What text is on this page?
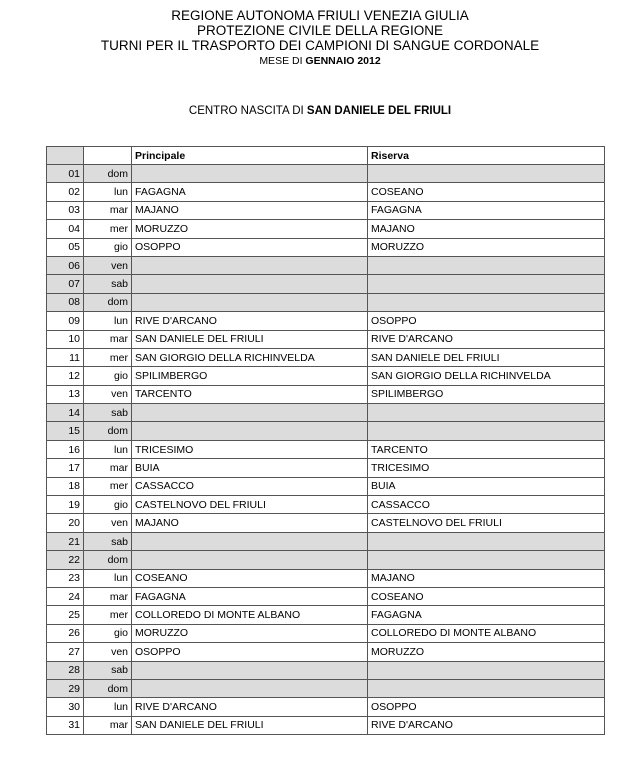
REGIONE AUTONOMA FRIULI VENEZIA GIULIA
PROTEZIONE CIVILE DELLA REGIONE
TURNI PER IL TRASPORTO DEI CAMPIONI DI SANGUE CORDONALE
MESE DI GENNAIO 2012
CENTRO NASCITA DI SAN DANIELE DEL FRIULI
		Principale	Riserva
01	dom		
02	lun	FAGAGNA	COSEANO
03	mar	MAJANO	FAGAGNA
04	mer	MORUZZO	MAJANO
05	gio	OSOPPO	MORUZZO
06	ven		
07	sab		
08	dom		
09	lun	RIVE D'ARCANO	OSOPPO
10	mar	SAN DANIELE DEL FRIULI	RIVE D'ARCANO
11	mer	SAN GIORGIO DELLA RICHINVELDA	SAN DANIELE DEL FRIULI
12	gio	SPILIMBERGO	SAN GIORGIO DELLA RICHINVELDA
13	ven	TARCENTO	SPILIMBERGO
14	sab		
15	dom		
16	lun	TRICESIMO	TARCENTO
17	mar	BUIA	TRICESIMO
18	mer	CASSACCO	BUIA
19	gio	CASTELNOVO DEL FRIULI	CASSACCO
20	ven	MAJANO	CASTELNOVO DEL FRIULI
21	sab		
22	dom		
23	lun	COSEANO	MAJANO
24	mar	FAGAGNA	COSEANO
25	mer	COLLOREDO DI MONTE ALBANO	FAGAGNA
26	gio	MORUZZO	COLLOREDO DI MONTE ALBANO
27	ven	OSOPPO	MORUZZO
28	sab		
29	dom		
30	lun	RIVE D'ARCANO	OSOPPO
31	mar	SAN DANIELE DEL FRIULI	RIVE D'ARCANO
